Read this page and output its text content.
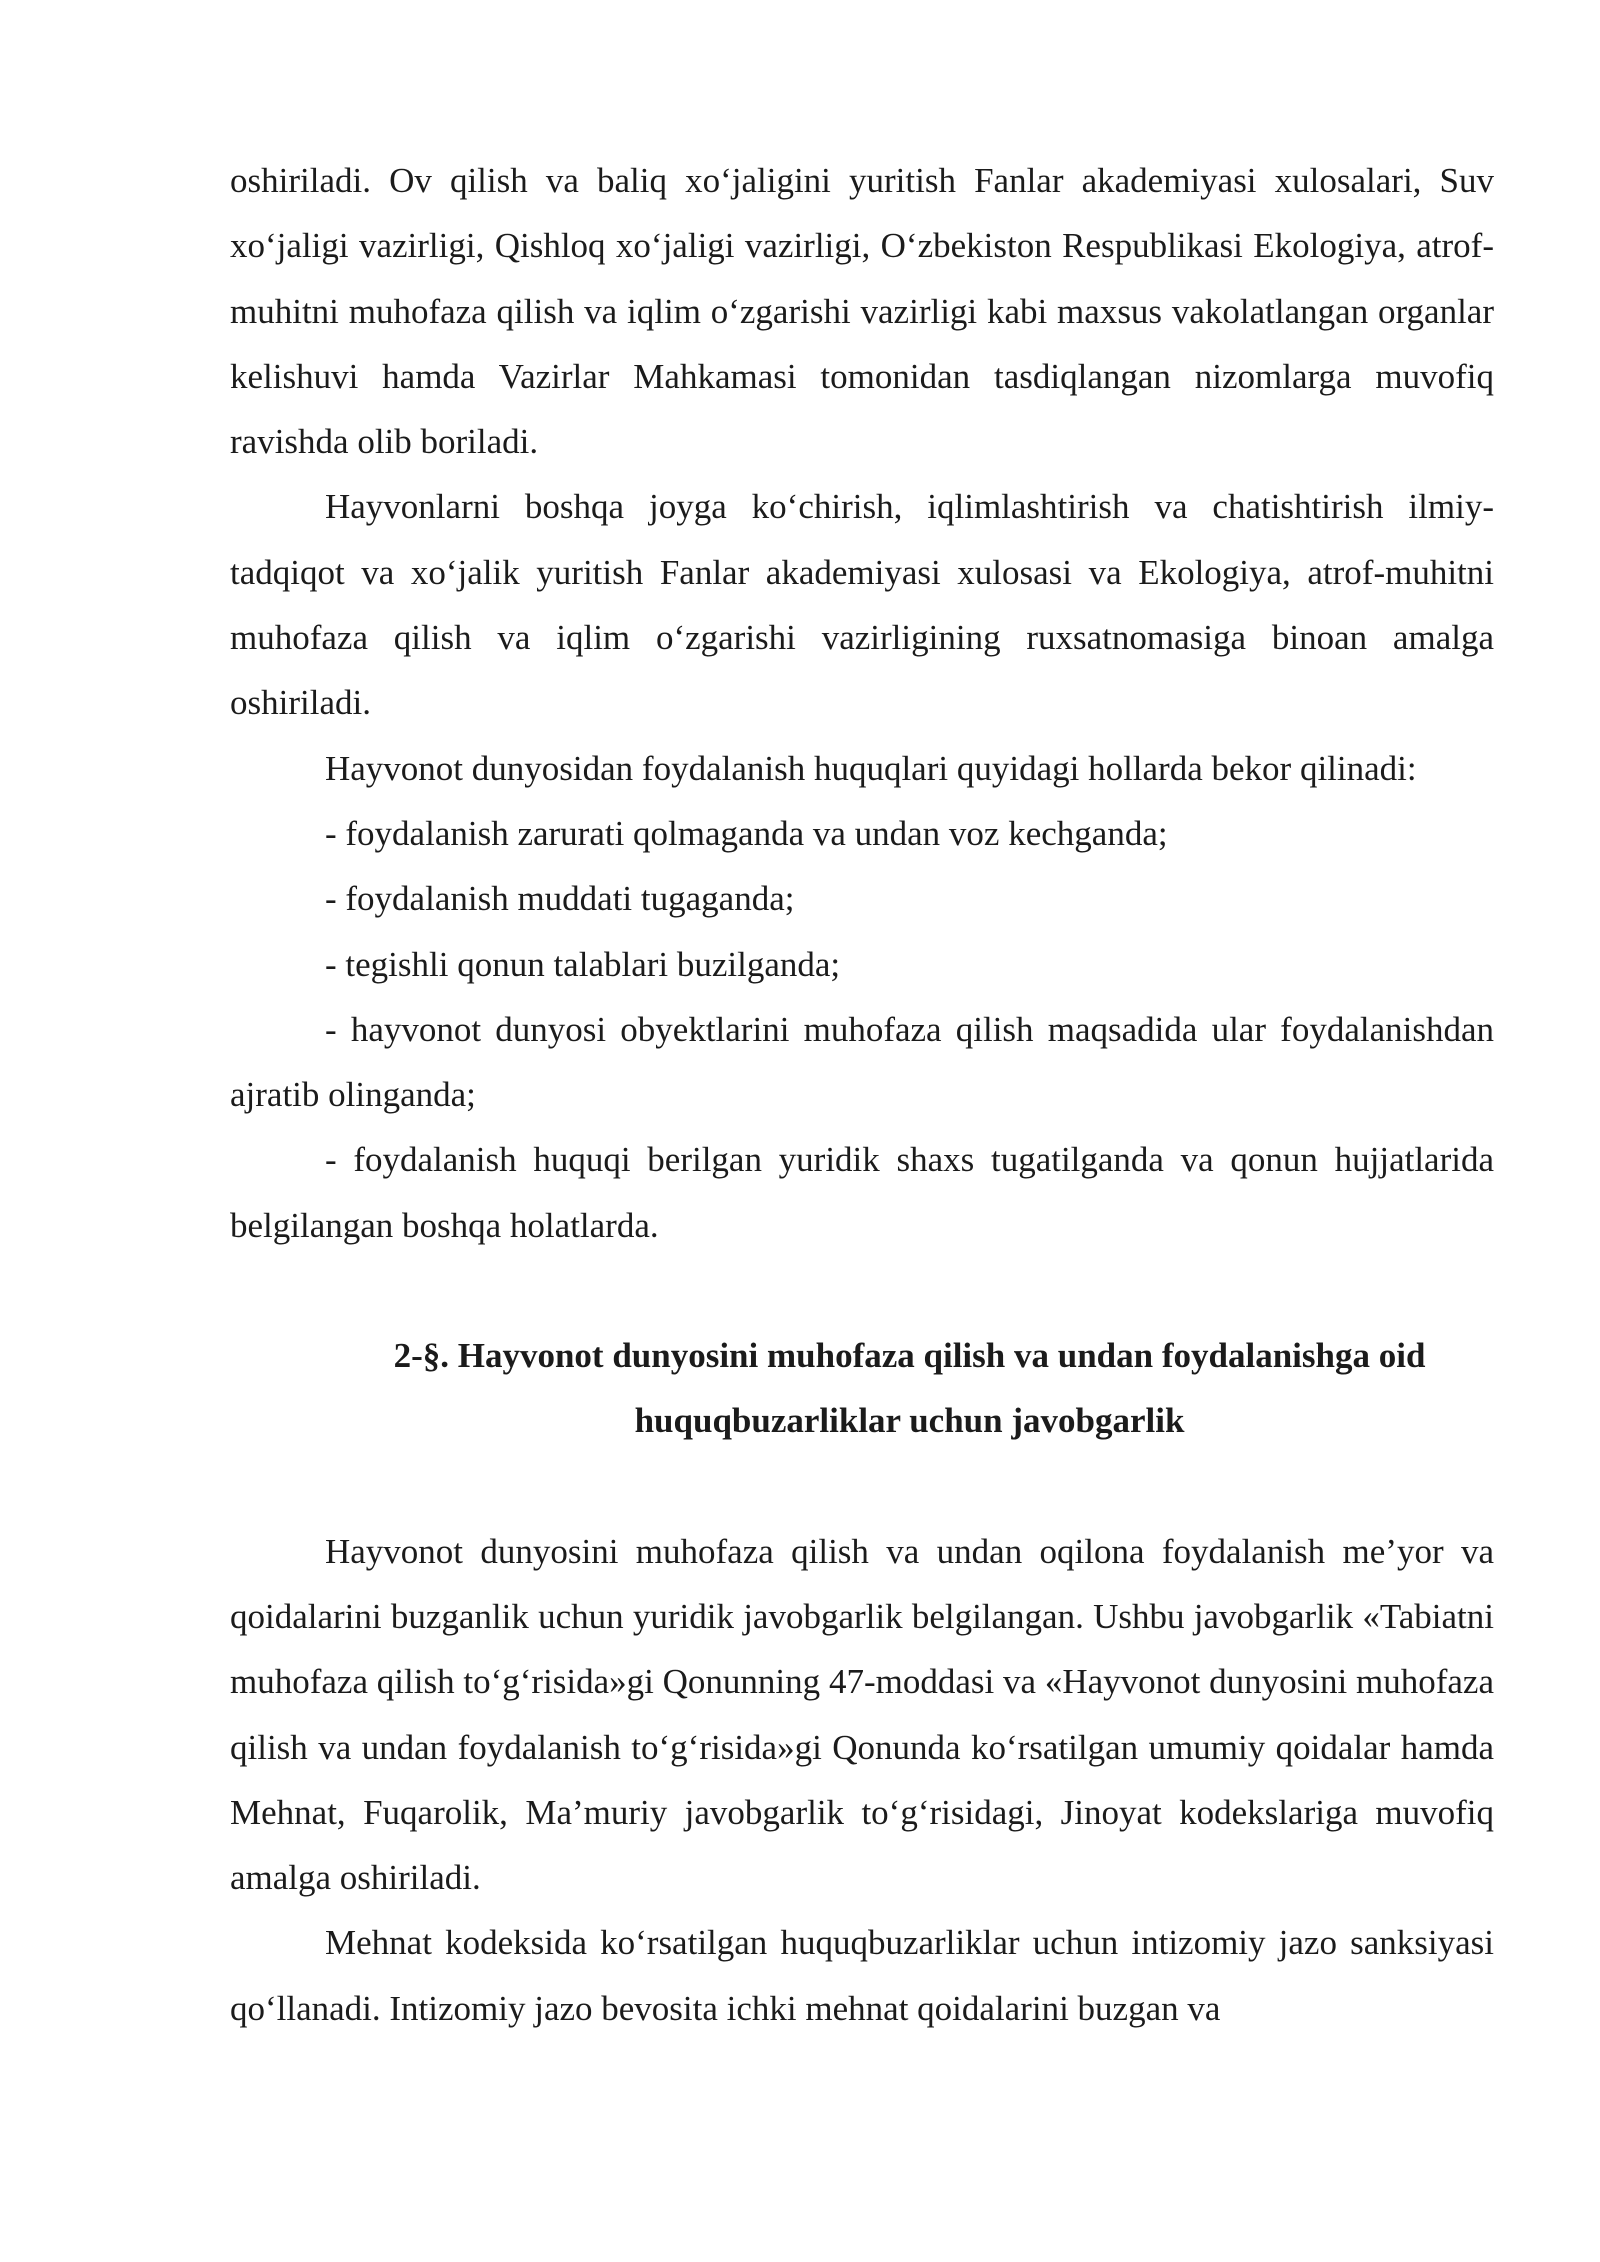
oshiriladi. Ov qilish va baliq xo‘jaligini yuritish Fanlar akademiyasi xulosalari, Suv xo‘jaligi vazirligi, Qishloq xo‘jaligi vazirligi, O‘zbekiston Respublikasi Ekologiya, atrof-muhitni muhofaza qilish va iqlim o‘zgarishi vazirligi kabi maxsus vakolatlangan organlar kelishuvi hamda Vazirlar Mahkamasi tomonidan tasdiqlangan nizomlarga muvofiq ravishda olib boriladi.

Hayvonlarni boshqa joyga ko‘chirish, iqlimlashtirish va chatishtirish ilmiy-tadqiqot va xo‘jalik yuritish Fanlar akademiyasi xulosasi va Ekologiya, atrof-muhitni muhofaza qilish va iqlim o‘zgarishi vazirligining ruxsatnomasiga binoan amalga oshiriladi.

Hayvonot dunyosidan foydalanish huquqlari quyidagi hollarda bekor qilinadi:

- foydalanish zarurati qolmaganda va undan voz kechganda;

- foydalanish muddati tugaganda;

- tegishli qonun talablari buzilganda;

- hayvonot dunyosi obyektlarini muhofaza qilish maqsadida ular foydalanishdan ajratib olinganda;

- foydalanish huquqi berilgan yuridik shaxs tugatilganda va qonun hujjatlarida belgilangan boshqa holatlarda.

2-§. Hayvonot dunyosini muhofaza qilish va undan foydalanishga oid

huquqbuzarliklar uchun javobgarlik

Hayvonot dunyosini muhofaza qilish va undan oqilona foydalanish me’yor va qoidalarini buzganlik uchun yuridik javobgarlik belgilangan. Ushbu javobgarlik «Tabiatni muhofaza qilish to‘g‘risida»gi Qonunning 47-moddasi va «Hayvonot dunyosini muhofaza qilish va undan foydalanish to‘g‘risida»gi Qonunda ko‘rsatilgan umumiy qoidalar hamda Mehnat, Fuqarolik, Ma’muriy javobgarlik to‘g‘risidagi, Jinoyat kodekslariga muvofiq amalga oshiriladi.

Mehnat kodeksida ko‘rsatilgan huquqbuzarliklar uchun intizomiy jazo sanksiyasi qo‘llanadi. Intizomiy jazo bevosita ichki mehnat qoidalarini buzgan va
